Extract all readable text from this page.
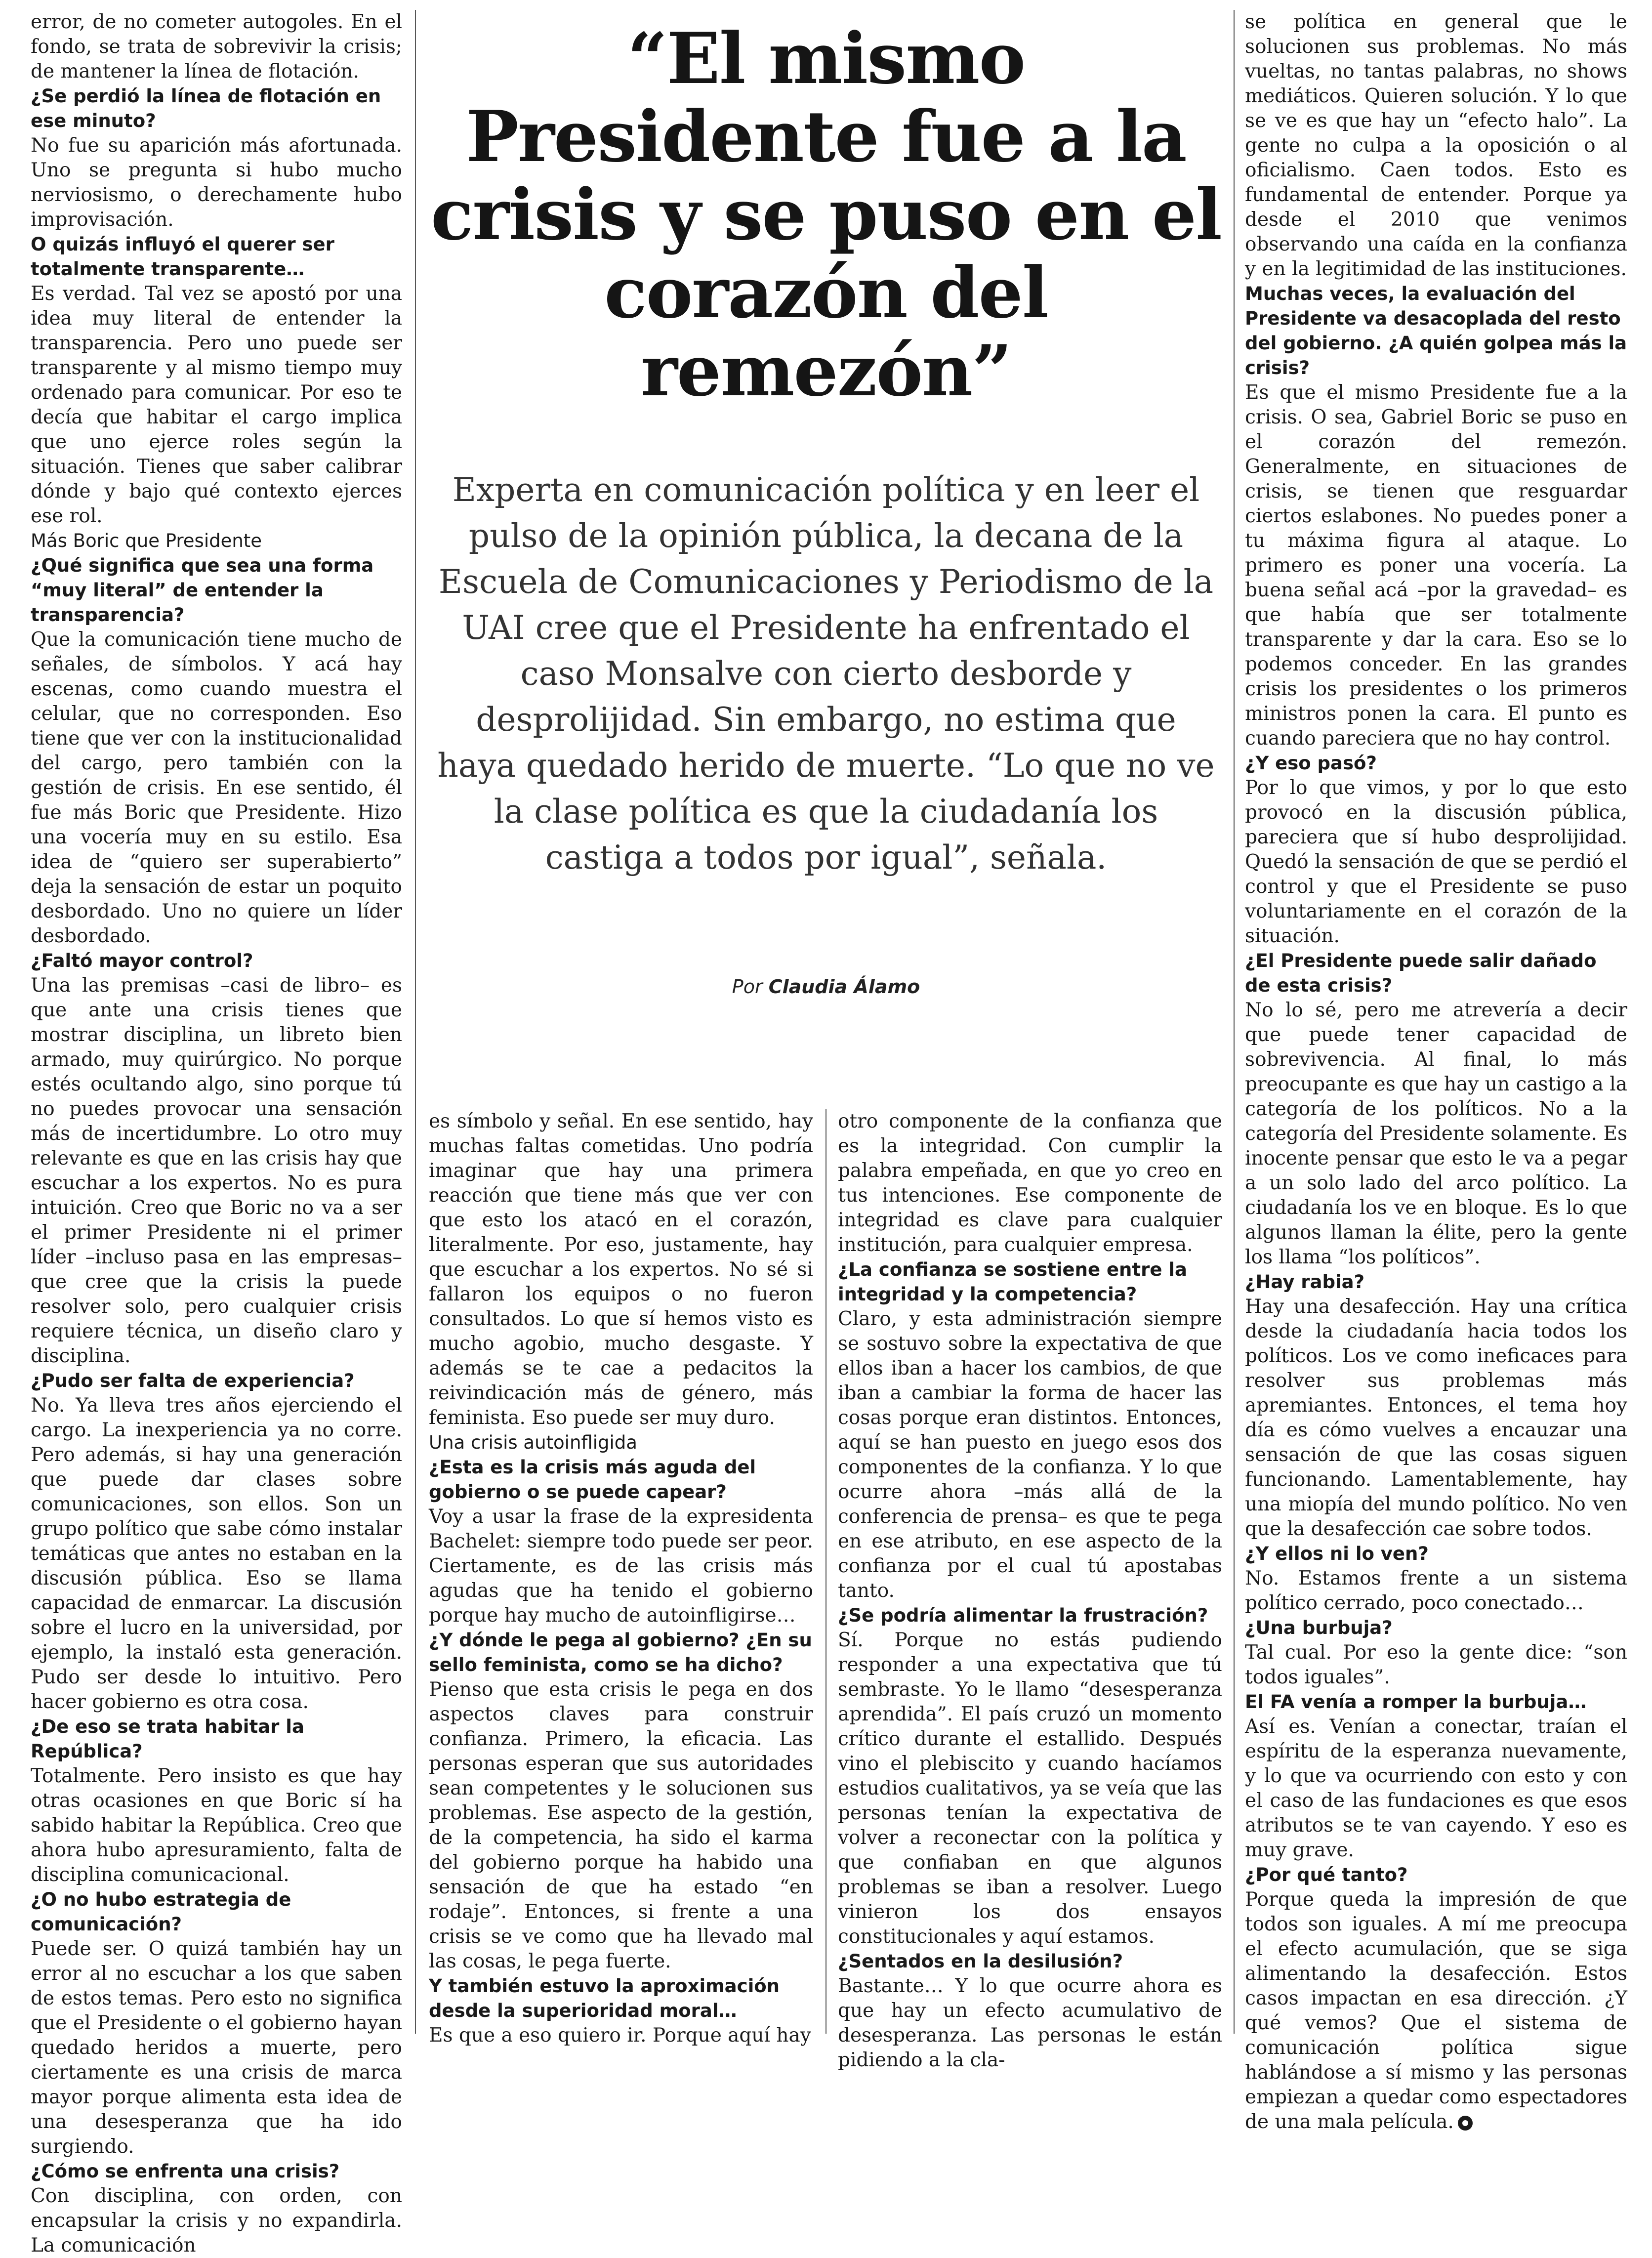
“El mismo Presidente fue a la crisis y se puso en el corazón del remezón”
Experta en comunicación política y en leer el pulso de la opinión pública, la decana de la Escuela de Comunicaciones y Periodismo de la UAI cree que el Presidente ha enfrentado el caso Monsalve con cierto desborde y desprolijidad. Sin embargo, no estima que haya quedado herido de muerte. “Lo que no ve la clase política es que la ciudadanía los castiga a todos por igual”, señala.
Por Claudia Álamo

error, de no cometer autogoles. En el fondo, se trata de sobrevivir la crisis; de mantener la línea de flotación.

¿Se perdió la línea de flotación en ese minuto?

No fue su aparición más afortunada. Uno se pregunta si hubo mucho nerviosismo, o derechamente hubo improvisación.

O quizás influyó el querer ser totalmente transparente…

Es verdad. Tal vez se apostó por una idea muy literal de entender la transparencia. Pero uno puede ser transparente y al mismo tiempo muy ordenado para comunicar. Por eso te decía que habitar el cargo implica que uno ejerce roles según la situación. Tienes que saber calibrar dónde y bajo qué contexto ejerces ese rol.

Más Boric que Presidente

¿Qué significa que sea una forma “muy literal” de entender la transparencia?

Que la comunicación tiene mucho de señales, de símbolos. Y acá hay escenas, como cuando muestra el celular, que no corresponden. Eso tiene que ver con la institucionalidad del cargo, pero también con la gestión de crisis. En ese sentido, él fue más Boric que Presidente. Hizo una vocería muy en su estilo. Esa idea de “quiero ser superabierto” deja la sensación de estar un poquito desbordado. Uno no quiere un líder desbordado.

¿Faltó mayor control?

Una las premisas –casi de libro– es que ante una crisis tienes que mostrar disciplina, un libreto bien armado, muy quirúrgico. No porque estés ocultando algo, sino porque tú no puedes provocar una sensación más de incertidumbre. Lo otro muy relevante es que en las crisis hay que escuchar a los expertos. No es pura intuición. Creo que Boric no va a ser el primer Presidente ni el primer líder –incluso pasa en las empresas– que cree que la crisis la puede resolver solo, pero cualquier crisis requiere técnica, un diseño claro y disciplina.

¿Pudo ser falta de experiencia?

No. Ya lleva tres años ejerciendo el cargo. La inexperiencia ya no corre. Pero además, si hay una generación que puede dar clases sobre comunicaciones, son ellos. Son un grupo político que sabe cómo instalar temáticas que antes no estaban en la discusión pública. Eso se llama capacidad de enmarcar. La discusión sobre el lucro en la universidad, por ejemplo, la instaló esta generación. Pudo ser desde lo intuitivo. Pero hacer gobierno es otra cosa.

¿De eso se trata habitar la República?

Totalmente. Pero insisto es que hay otras ocasiones en que Boric sí ha sabido habitar la República. Creo que ahora hubo apresuramiento, falta de disciplina comunicacional.

¿O no hubo estrategia de comunicación?

Puede ser. O quizá también hay un error al no escuchar a los que saben de estos temas. Pero esto no significa que el Presidente o el gobierno hayan quedado heridos a muerte, pero ciertamente es una crisis de marca mayor porque alimenta esta idea de una desesperanza que ha ido surgiendo.

¿Cómo se enfrenta una crisis?

Con disciplina, con orden, con encapsular la crisis y no expandirla. La comunicación

es símbolo y señal. En ese sentido, hay muchas faltas cometidas. Uno podría imaginar que hay una primera reacción que tiene más que ver con que esto los atacó en el corazón, literalmente. Por eso, justamente, hay que escuchar a los expertos. No sé si fallaron los equipos o no fueron consultados. Lo que sí hemos visto es mucho agobio, mucho desgaste. Y además se te cae a pedacitos la reivindicación más de género, más feminista. Eso puede ser muy duro.

Una crisis autoinfligida

¿Esta es la crisis más aguda del gobierno o se puede capear?

Voy a usar la frase de la expresidenta Bachelet: siempre todo puede ser peor. Ciertamente, es de las crisis más agudas que ha tenido el gobierno porque hay mucho de autoinfligirse…

¿Y dónde le pega al gobierno? ¿En su sello feminista, como se ha dicho?

Pienso que esta crisis le pega en dos aspectos claves para construir confianza. Primero, la eficacia. Las personas esperan que sus autoridades sean competentes y le solucionen sus problemas. Ese aspecto de la gestión, de la competencia, ha sido el karma del gobierno porque ha habido una sensación de que ha estado “en rodaje”. Entonces, si frente a una crisis se ve como que ha llevado mal las cosas, le pega fuerte.

Y también estuvo la aproximación desde la superioridad moral…

Es que a eso quiero ir. Porque aquí hay

otro componente de la confianza que es la integridad. Con cumplir la palabra empeñada, en que yo creo en tus intenciones. Ese componente de integridad es clave para cualquier institución, para cualquier empresa.

¿La confianza se sostiene entre la integridad y la competencia?

Claro, y esta administración siempre se sostuvo sobre la expectativa de que ellos iban a hacer los cambios, de que iban a cambiar la forma de hacer las cosas porque eran distintos. Entonces, aquí se han puesto en juego esos dos componentes de la confianza. Y lo que ocurre ahora –más allá de la conferencia de prensa– es que te pega en ese atributo, en ese aspecto de la confianza por el cual tú apostabas tanto.

¿Se podría alimentar la frustración?

Sí. Porque no estás pudiendo responder a una expectativa que tú sembraste. Yo le llamo “desesperanza aprendida”. El país cruzó un momento crítico durante el estallido. Después vino el plebiscito y cuando hacíamos estudios cualitativos, ya se veía que las personas tenían la expectativa de volver a reconectar con la política y que confiaban en que algunos problemas se iban a resolver. Luego vinieron los dos ensayos constitucionales y aquí estamos.

¿Sentados en la desilusión?

Bastante… Y lo que ocurre ahora es que hay un efecto acumulativo de desesperanza. Las personas le están pidiendo a la cla-

se política en general que le solucionen sus problemas. No más vueltas, no tantas palabras, no shows mediáticos. Quieren solución. Y lo que se ve es que hay un “efecto halo”. La gente no culpa a la oposición o al oficialismo. Caen todos. Esto es fundamental de entender. Porque ya desde el 2010 que venimos observando una caída en la confianza y en la legitimidad de las instituciones.

Muchas veces, la evaluación del Presidente va desacoplada del resto del gobierno. ¿A quién golpea más la crisis?

Es que el mismo Presidente fue a la crisis. O sea, Gabriel Boric se puso en el corazón del remezón. Generalmente, en situaciones de crisis, se tienen que resguardar ciertos eslabones. No puedes poner a tu máxima figura al ataque. Lo primero es poner una vocería. La buena señal acá –por la gravedad– es que había que ser totalmente transparente y dar la cara. Eso se lo podemos conceder. En las grandes crisis los presidentes o los primeros ministros ponen la cara. El punto es cuando pareciera que no hay control.

¿Y eso pasó?

Por lo que vimos, y por lo que esto provocó en la discusión pública, pareciera que sí hubo desprolijidad. Quedó la sensación de que se perdió el control y que el Presidente se puso voluntariamente en el corazón de la situación.

¿El Presidente puede salir dañado de esta crisis?

No lo sé, pero me atrevería a decir que puede tener capacidad de sobrevivencia. Al final, lo más preocupante es que hay un castigo a la categoría de los políticos. No a la categoría del Presidente solamente. Es inocente pensar que esto le va a pegar a un solo lado del arco político. La ciudadanía los ve en bloque. Es lo que algunos llaman la élite, pero la gente los llama “los políticos”.

¿Hay rabia?

Hay una desafección. Hay una crítica desde la ciudadanía hacia todos los políticos. Los ve como ineficaces para resolver sus problemas más apremiantes. Entonces, el tema hoy día es cómo vuelves a encauzar una sensación de que las cosas siguen funcionando. Lamentablemente, hay una miopía del mundo político. No ven que la desafección cae sobre todos.

¿Y ellos ni lo ven?

No. Estamos frente a un sistema político cerrado, poco conectado…

¿Una burbuja?

Tal cual. Por eso la gente dice: “son todos iguales”.

El FA venía a romper la burbuja…

Así es. Venían a conectar, traían el espíritu de la esperanza nuevamente, y lo que va ocurriendo con esto y con el caso de las fundaciones es que esos atributos se te van cayendo. Y eso es muy grave.

¿Por qué tanto?

Porque queda la impresión de que todos son iguales. A mí me preocupa el efecto acumulación, que se siga alimentando la desafección. Estos casos impactan en esa dirección. ¿Y qué vemos? Que el sistema de comunicación política sigue hablándose a sí mismo y las personas empiezan a quedar como espectadores de una mala película.
